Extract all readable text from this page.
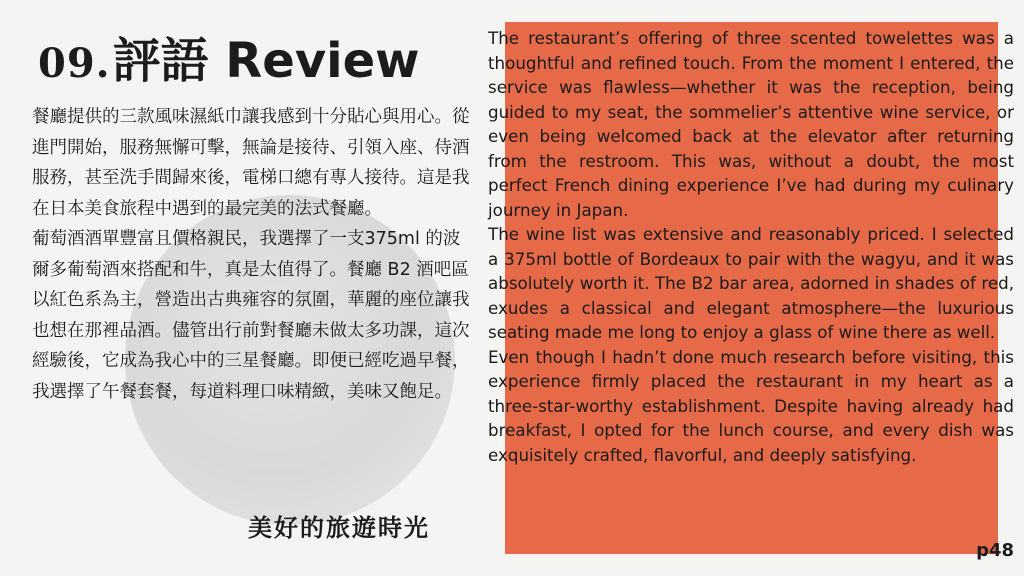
09. 評語 Review

餐廳提供的三款風味濕紙巾讓我感到十分貼心與用心。從進門開始，服務無懈可擊，無論是接待、引領入座、侍酒服務，甚至洗手間歸來後，電梯口總有專人接待。這是我在日本美食旅程中遇到的最完美的法式餐廳。

葡萄酒酒單豐富且價格親民，我選擇了一支375ml 的波爾多葡萄酒來搭配和牛，真是太值得了。餐廳 B2 酒吧區以紅色系為主，營造出古典雍容的氛圍，華麗的座位讓我也想在那裡品酒。儘管出行前對餐廳未做太多功課，這次經驗後，它成為我心中的三星餐廳。即便已經吃過早餐，我選擇了午餐套餐，每道料理口味精緻，美味又飽足。

美好的旅遊時光

The restaurant’s offering of three scented towelettes was a thoughtful and refined touch. From the moment I entered, the service was flawless—whether it was the reception, being guided to my seat, the sommelier’s attentive wine service, or even being welcomed back at the elevator after returning from the restroom. This was, without a doubt, the most perfect French dining experience I’ve had during my culinary journey in Japan.

The wine list was extensive and reasonably priced. I selected a 375ml bottle of Bordeaux to pair with the wagyu, and it was absolutely worth it. The B2 bar area, adorned in shades of red, exudes a classical and elegant atmosphere—the luxurious seating made me long to enjoy a glass of wine there as well.

Even though I hadn’t done much research before visiting, this experience firmly placed the restaurant in my heart as a three-star-worthy establishment. Despite having already had breakfast, I opted for the lunch course, and every dish was exquisitely crafted, flavorful, and deeply satisfying.

p48
